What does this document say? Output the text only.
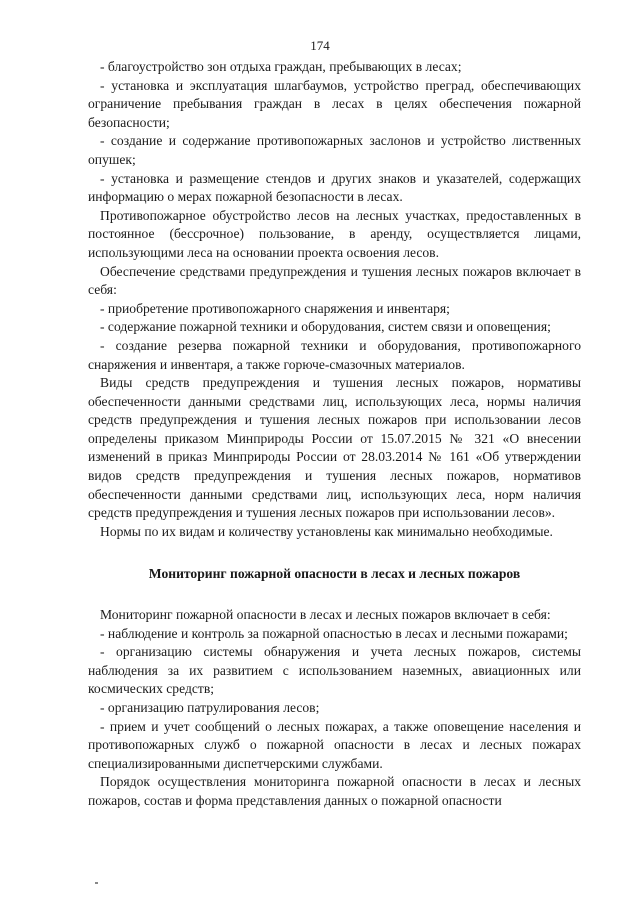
174

- благоустройство зон отдыха граждан, пребывающих в лесах;

- установка и эксплуатация шлагбаумов, устройство преград, обеспечивающих ограничение пребывания граждан в лесах в целях обеспечения пожарной безопасности;

- создание и содержание противопожарных заслонов и устройство лиственных опушек;

- установка и размещение стендов и других знаков и указателей, содержащих информацию о мерах пожарной безопасности в лесах.

Противопожарное обустройство лесов на лесных участках, предоставленных в постоянное (бессрочное) пользование, в аренду, осуществляется лицами, использующими леса на основании проекта освоения лесов.

Обеспечение средствами предупреждения и тушения лесных пожаров включает в себя:

- приобретение противопожарного снаряжения и инвентаря;

- содержание пожарной техники и оборудования, систем связи и оповещения;

- создание резерва пожарной техники и оборудования, противопожарного снаряжения и инвентаря, а также горюче-смазочных материалов.

Виды средств предупреждения и тушения лесных пожаров, нормативы обеспеченности данными средствами лиц, использующих леса, нормы наличия средств предупреждения и тушения лесных пожаров при использовании лесов определены приказом Минприроды России от 15.07.2015 № 321 «О внесении изменений в приказ Минприроды России от 28.03.2014 № 161 «Об утверждении видов средств предупреждения и тушения лесных пожаров, нормативов обеспеченности данными средствами лиц, использующих леса, норм наличия средств предупреждения и тушения лесных пожаров при использовании лесов».

Нормы по их видам и количеству установлены как минимально необходимые.

Мониторинг пожарной опасности в лесах и лесных пожаров

Мониторинг пожарной опасности в лесах и лесных пожаров включает в себя:

- наблюдение и контроль за пожарной опасностью в лесах и лесными пожарами;

- организацию системы обнаружения и учета лесных пожаров, системы наблюдения за их развитием с использованием наземных, авиационных или космических средств;

- организацию патрулирования лесов;

- прием и учет сообщений о лесных пожарах, а также оповещение населения и противопожарных служб о пожарной опасности в лесах и лесных пожарах специализированными диспетчерскими службами.

Порядок осуществления мониторинга пожарной опасности в лесах и лесных пожаров, состав и форма представления данных о пожарной опасности
